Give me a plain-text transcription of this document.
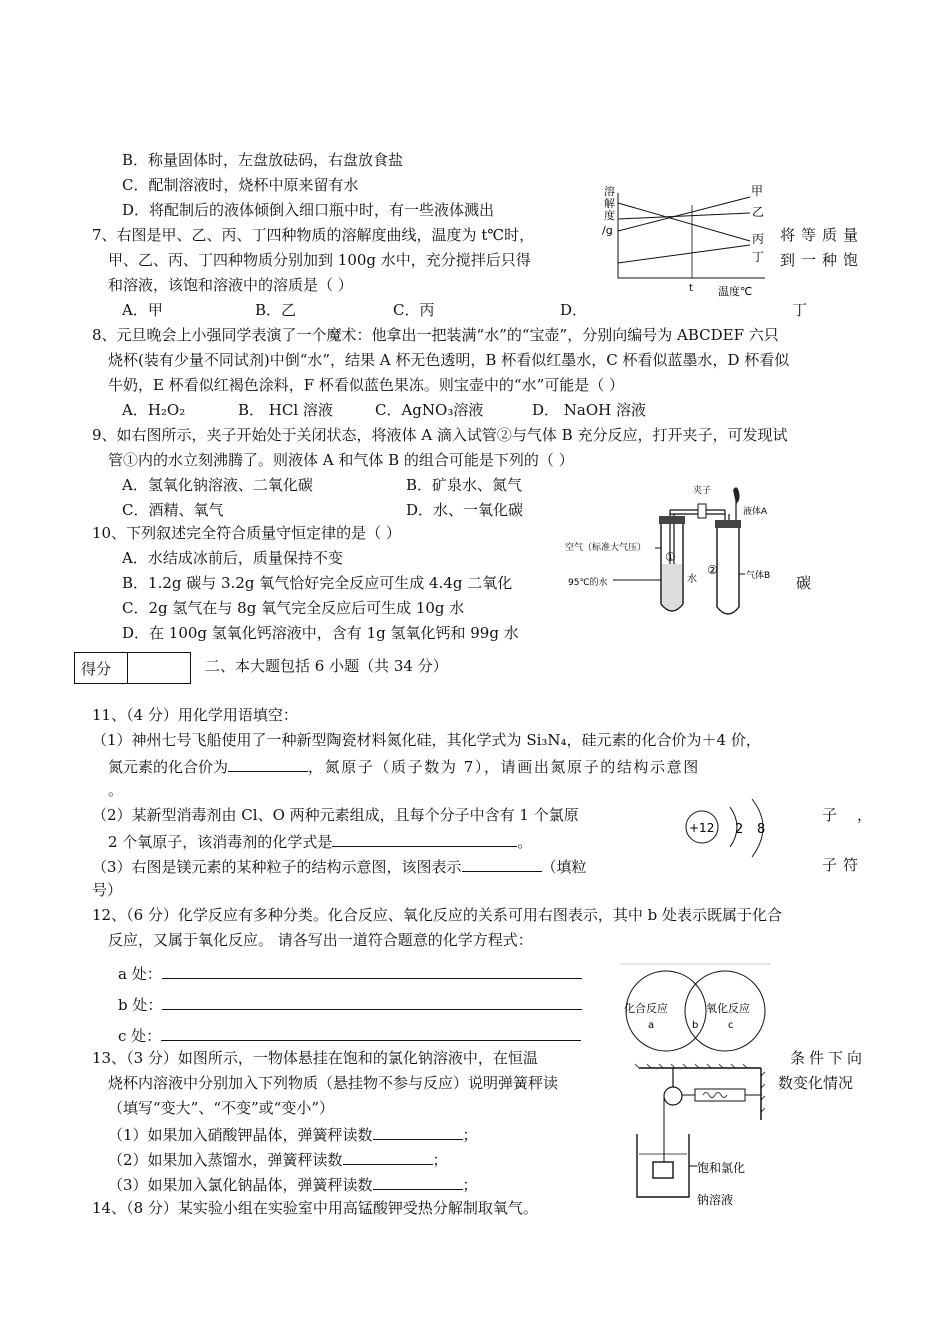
B．称量固体时，左盘放砝码，右盘放食盐
C．配制溶液时，烧杯中原来留有水
D．将配制后的液体倾倒入细口瓶中时，有一些液体溅出
7、右图是甲、乙、丙、丁四种物质的溶解度曲线，温度为 t℃时，	将等质量
甲、乙、丙、丁四种物质分别加到 100g 水中，充分搅拌后只得	到一种饱
和溶液，该饱和溶液中的溶质是（ ）
A．甲	B．乙	C．丙	D．	丁
溶
解
度
/g
t 温度℃
甲
乙
丙
丁
8、元旦晚会上小强同学表演了一个魔术：他拿出一把装满“水”的“宝壶”，分别向编号为 ABCDEF 六只
烧杯(装有少量不同试剂)中倒“水”，结果 A 杯无色透明，B 杯看似红墨水，C 杯看似蓝墨水，D 杯看似
牛奶，E 杯看似红褐色涂料，F 杯看似蓝色果冻。则宝壶中的“水”可能是（ ）
A．H₂O₂	B． HCl 溶液	C．AgNO₃溶液	D． NaOH 溶液
9、如右图所示，夹子开始处于关闭状态，将液体 A 滴入试管②与气体 B 充分反应，打开夹子，可发现试
管①内的水立刻沸腾了。则液体 A 和气体 B 的组合可能是下列的（ ）
A．氢氧化钠溶液、二氧化碳	B．矿泉水、氮气
C．酒精、氧气	D．水、一氧化碳
夹子
液体A
空气（标准大气压）
95℃的水
①
水
②	气体B
10、下列叙述完全符合质量守恒定律的是（ ）
A．水结成冰前后，质量保持不变
B．1.2g 碳与 3.2g 氧气恰好完全反应可生成 4.4g 二氧化	碳
C．2g 氢气在与 8g 氧气完全反应后可生成 10g 水
D．在 100g 氢氧化钙溶液中，含有 1g 氢氧化钙和 99g 水
得分		二、本大题包括 6 小题（共 34 分）
11、（4 分）用化学用语填空：
（1）神州七号飞船使用了一种新型陶瓷材料氮化硅，其化学式为 Si₃N₄，硅元素的化合价为＋4 价，
氮元素的化合价为	，氮原子（质子数为 7），请画出氮原子的结构示意图
。
（2）某新型消毒剂由 Cl、O 两种元素组成，且每个分子中含有 1 个氯原	子，
2 个氧原子，该消毒剂的化学式是	。
（3）右图是镁元素的某种粒子的结构示意图，该图表示	（填粒	子符
号）
+12 2 8
12、（6 分）化学反应有多种分类。化合反应、氧化反应的关系可用右图表示，其中 b 处表示既属于化合
反应，又属于氧化反应。 请各写出一道符合题意的化学方程式：
a 处：
b 处：
c 处：
化合反应	氧化反应
a	b	c
13、（3 分）如图所示，一物体悬挂在饱和的氯化钠溶液中，在恒温	条件下向
烧杯内溶液中分别加入下列物质（悬挂物不参与反应）说明弹簧秤读	数变化情况
（填写“变大”、“不变”或“变小”）
（1）如果加入硝酸钾晶体，弹簧秤读数	；
（2）如果加入蒸馏水，弹簧秤读数	；
（3）如果加入氯化钠晶体，弹簧秤读数	；
饱和氯化
钠溶液
14、（8 分）某实验小组在实验室中用高锰酸钾受热分解制取氧气。
